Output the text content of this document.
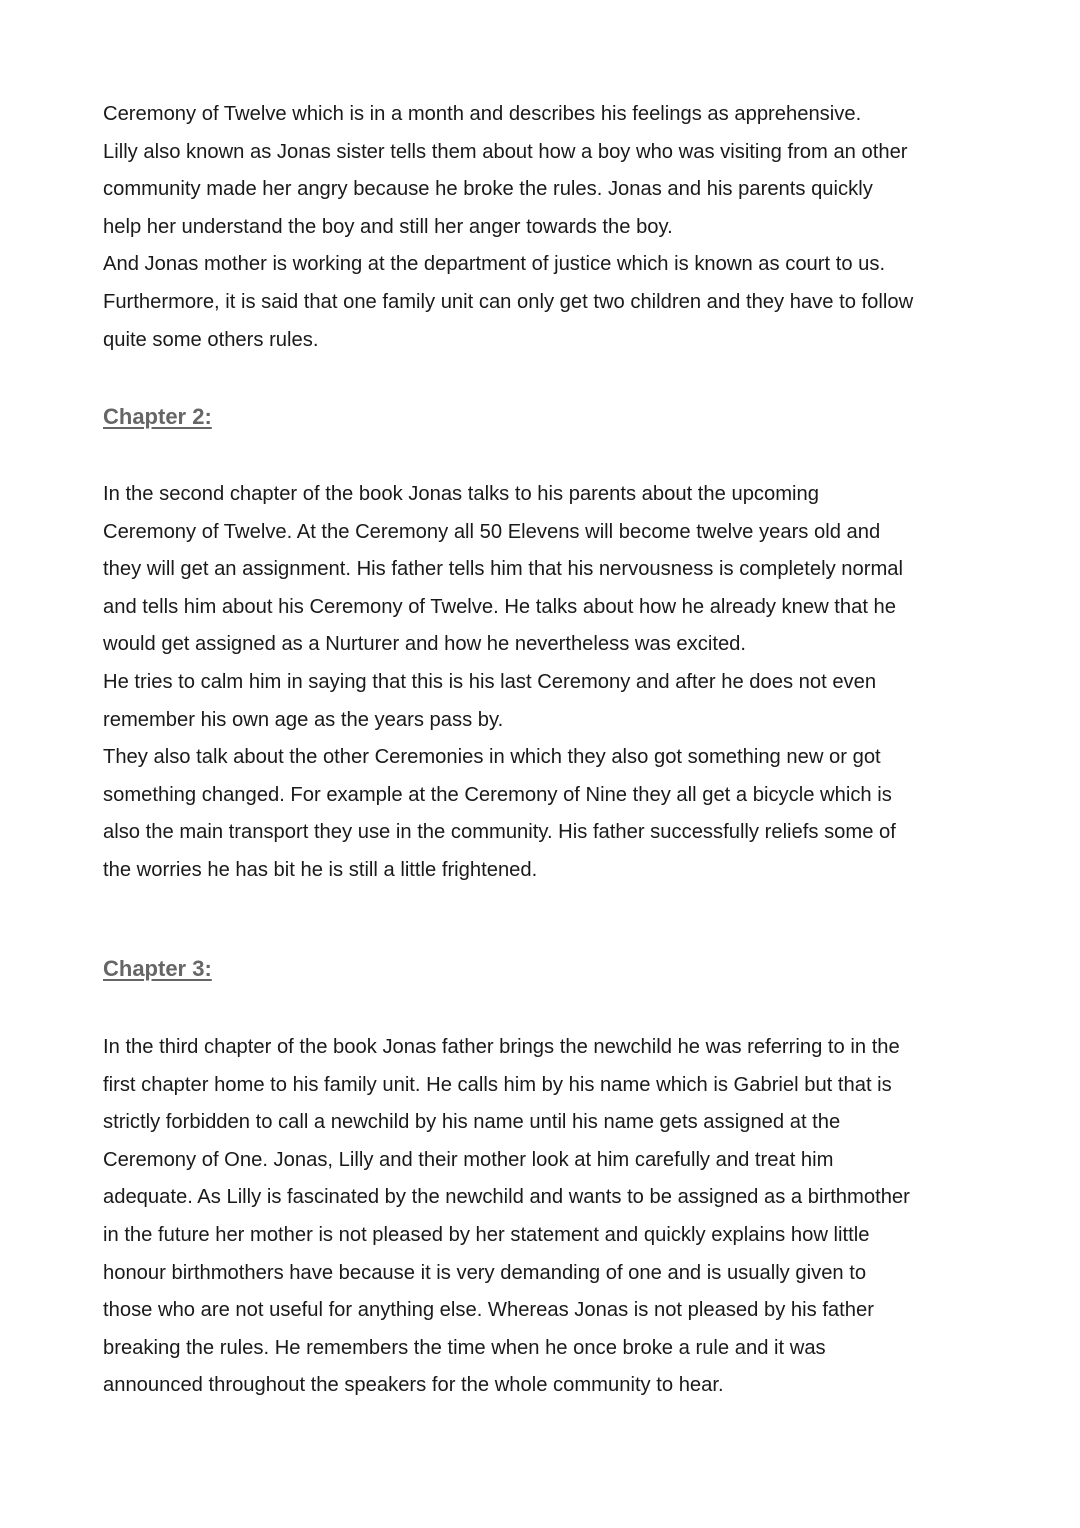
Ceremony of Twelve which is in a month and describes his feelings as apprehensive.
Lilly also known as Jonas sister tells them about how a boy who was visiting from an other
community made her angry because he broke the rules. Jonas and his parents quickly
help her understand the boy and still her anger towards the boy.
And Jonas mother is working at the department of justice which is known as court to us.
Furthermore, it is said that one family unit can only get two children and they have to follow
quite some others rules.

Chapter 2:

In the second chapter of the book Jonas talks to his parents about the upcoming
Ceremony of Twelve. At the Ceremony all 50 Elevens will become twelve years old and
they will get an assignment. His father tells him that his nervousness is completely normal
and tells him about his Ceremony of Twelve. He talks about how he already knew that he
would get assigned as a Nurturer and how he nevertheless was excited.
He tries to calm him in saying that this is his last Ceremony and after he does not even
remember his own age as the years pass by.
They also talk about the other Ceremonies in which they also got something new or got
something changed. For example at the Ceremony of Nine they all get a bicycle which is
also the main transport they use in the community. His father successfully reliefs some of
the worries he has bit he is still a little frightened.

Chapter 3:

In the third chapter of the book Jonas father brings the newchild he was referring to in the
first chapter home to his family unit. He calls him by his name which is Gabriel but that is
strictly forbidden to call a newchild by his name until his name gets assigned at the
Ceremony of One. Jonas, Lilly and their mother look at him carefully and treat him
adequate. As Lilly is fascinated by the newchild and wants to be assigned as a birthmother
in the future her mother is not pleased by her statement and quickly explains how little
honour birthmothers have because it is very demanding of one and is usually given to
those who are not useful for anything else. Whereas Jonas is not pleased by his father
breaking the rules. He remembers the time when he once broke a rule and it was
announced throughout the speakers for the whole community to hear.
